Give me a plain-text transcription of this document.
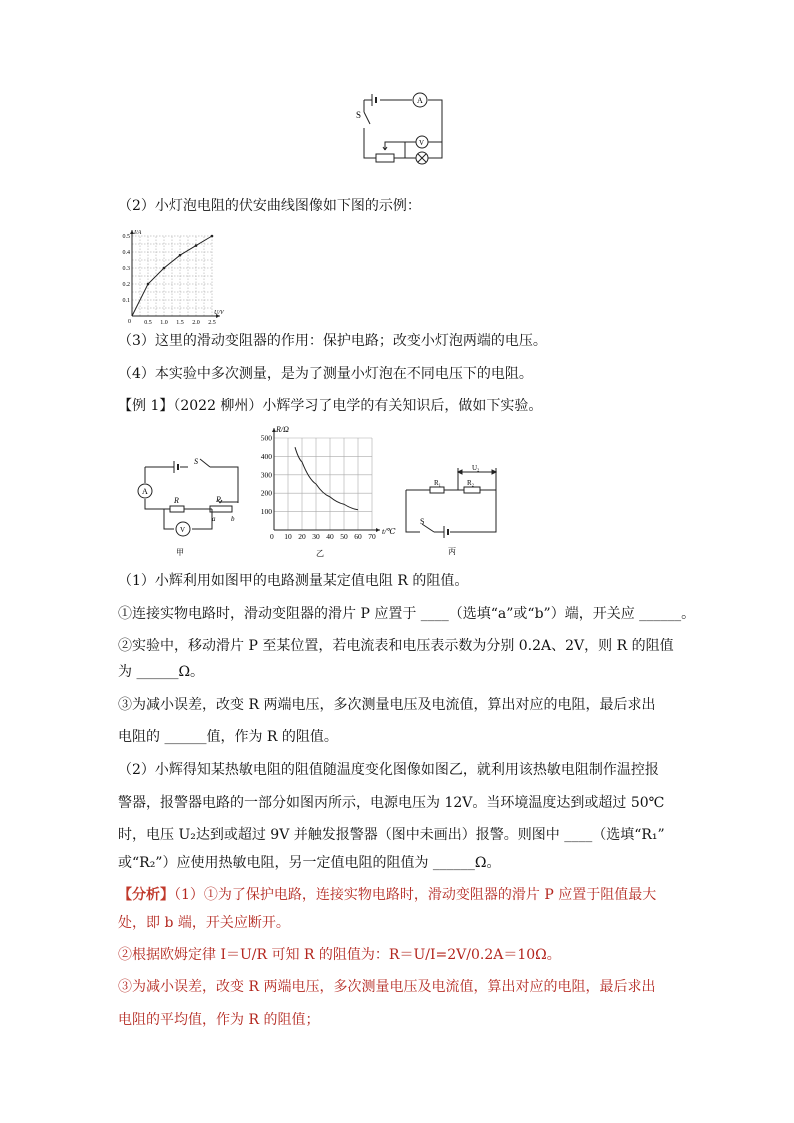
S
A
V
（2）小灯泡电阻的伏安曲线图像如下图的示例：
0.5 1.0 1.5 2.0 2.5
0.1
0.2
0.3
0.4
0.5
I/A
U/V
0
（3）这里的滑动变阻器的作用：保护电路；改变小灯泡两端的电压。
（4）本实验中多次测量，是为了测量小灯泡在不同电压下的电阻。
【例 1】（2022 柳州）小辉学习了电学的有关知识后，做如下实验。
S
A
R	P
a b
V
甲
10 20 30 40 50 60 70
100
200
300
400
500
R/Ω
t/℃
0
乙
R₁	R₂
U₂
S
丙
（1）小辉利用如图甲的电路测量某定值电阻 R 的阻值。
①连接实物电路时，滑动变阻器的滑片 P 应置于 ____（选填“a”或“b”）端，开关应 ______。
②实验中，移动滑片 P 至某位置，若电流表和电压表示数为分别 0.2A、2V，则 R 的阻值
为 ______Ω。
③为减小误差，改变 R 两端电压，多次测量电压及电流值，算出对应的电阻，最后求出
电阻的 ______值，作为 R 的阻值。
（2）小辉得知某热敏电阻的阻值随温度变化图像如图乙，就利用该热敏电阻制作温控报
警器，报警器电路的一部分如图丙所示，电源电压为 12V。当环境温度达到或超过 50℃
时，电压 U₂达到或超过 9V 并触发报警器（图中未画出）报警。则图中 ____（选填“R₁”
或“R₂”）应使用热敏电阻，另一定值电阻的阻值为 ______Ω。
【分析】（1）①为了保护电路，连接实物电路时，滑动变阻器的滑片 P 应置于阻值最大
处，即 b 端，开关应断开。
②根据欧姆定律 I＝U/R 可知 R 的阻值为：R＝U/I=2V/0.2A＝10Ω。
③为减小误差，改变 R 两端电压，多次测量电压及电流值，算出对应的电阻，最后求出
电阻的平均值，作为 R 的阻值；
